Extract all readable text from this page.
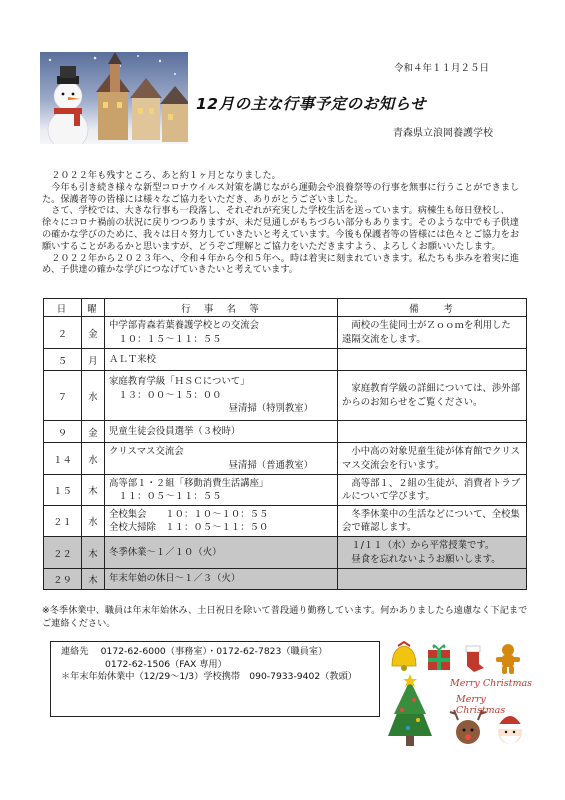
令和４年１１月２５日
12月の主な行事予定のお知らせ
青森県立浪岡養護学校

２０２２年も残すところ、あと約１ヶ月となりました。

今年も引き続き様々な新型コロナウイルス対策を講じながら運動会や浪養祭等の行事を無事に行うことができました。保護者等の皆様には様々なご協力をいただき、ありがとうございました。

さて、学校では、大きな行事も一段落し、それぞれが充実した学校生活を送っています。病棟生も毎日登校し、徐々にコロナ禍前の状況に戻りつつありますが、未だ見通しがもちづらい部分もあります。そのような中でも子供達の確かな学びのために、我々は日々努力していきたいと考えています。今後も保護者等の皆様には色々とご協力をお願いすることがあるかと思いますが、どうぞご理解とご協力をいただきますよう、よろしくお願いいたします。

２０２２年から２０２３年へ、令和４年から令和５年へ。時は着実に刻まれていきます。私たちも歩みを着実に進め、子供達の確かな学びにつなげていきたいと考えています。

日	曜	行　事　名　等	備　　考
２	金	中学部青森若葉養護学校との交流会
　１０：１５〜１１：５５	　両校の生徒同士がＺｏｏｍを利用した
遠隔交流をします。

５	月	ＡＬＴ来校	

７	水	家庭教育学級「ＨＳＣについて」
　１３：００〜１５：００
昼清掃（特別教室）	　家庭教育学級の詳細については、渉外部
からのお知らせをご覧ください。

９	金	児童生徒会役員選挙（３校時）	

１４	水	クリスマス交流会
昼清掃（普通教室）	　小中高の対象児童生徒が体育館でクリス
マス交流会を行います。

１５	木	高等部１・２組「移動消費生活講座」
　１１：０５〜１１：５５	　高等部１、２組の生徒が、消費者トラブ
ルについて学びます。

２１	水	全校集会　　１０：１０〜１０：５５
全校大掃除　１１：０５〜１１：５０	　冬季休業中の生活などについて、全校集
会で確認します。

２２	木	冬季休業〜１／１０（火）	　１/１１（水）から平常授業です。
　昼食を忘れないようお願いします。

２９	木	年末年始の休日〜１／３（火）	

※冬季休業中、職員は年末年始休み、土日祝日を除いて普段通り勤務しています。何かありましたら遠慮なく下記までご連絡ください。
連絡先　 0172-62-6000（事務室）・0172-62-7823（職員室）
0172-62-1506（FAX 専用）
＊年末年始休業中（12/29〜1/3）学校携帯　090-7933-9402（教頭）
Merry Christmas
Merry Christmas
